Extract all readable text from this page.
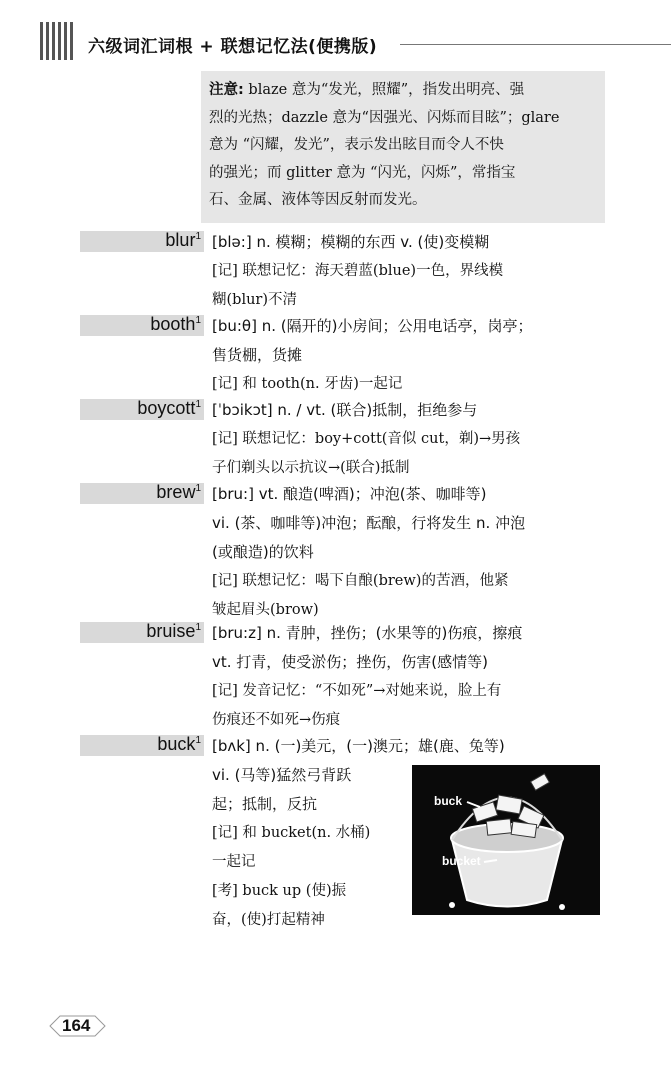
六级词汇词根 + 联想记忆法(便携版)
注意: blaze 意为“发光，照耀”，指发出明亮、强
烈的光热；dazzle 意为“因强光、闪烁而目眩”；glare
意为 “闪耀，发光”，表示发出眩目而令人不快
的强光；而 glitter 意为 “闪光，闪烁”，常指宝
石、金属、液体等因反射而发光。
blur$^1$ [blə:] n. 模糊；模糊的东西 v. (使)变模糊
[记] 联想记忆：海天碧蓝(blue)一色，界线模
糊(blur)不清
booth$^1$ [bu:θ] n. (隔开的)小房间；公用电话亭，岗亭；
售货棚，货摊
[记] 和 tooth(n. 牙齿)一起记
boycott$^1$ [ˈbɔikɔt] n. / vt. (联合)抵制，拒绝参与
[记] 联想记忆：boy+cott(音似 cut，剃)→男孩
子们剃头以示抗议→(联合)抵制
brew$^1$ [bru:] vt. 酿造(啤酒)；冲泡(茶、咖啡等)
vi. (茶、咖啡等)冲泡；酝酿，行将发生 n. 冲泡
(或酿造)的饮料
[记] 联想记忆：喝下自酿(brew)的苦酒，他紧
皱起眉头(brow)
bruise$^1$ [bru:z] n. 青肿，挫伤；(水果等的)伤痕，擦痕
vt. 打青，使受淤伤；挫伤，伤害(感情等)
[记] 发音记忆：“不如死”→对她来说，脸上有
伤痕还不如死→伤痕
buck$^1$ [bʌk] n. (一)美元，(一)澳元；雄(鹿、兔等)
vi. (马等)猛然弓背跃
起；抵制，反抗
[记] 和 bucket(n. 水桶)
一起记
[考] buck up (使)振
奋，(使)打起精神
buck
bucket
164
